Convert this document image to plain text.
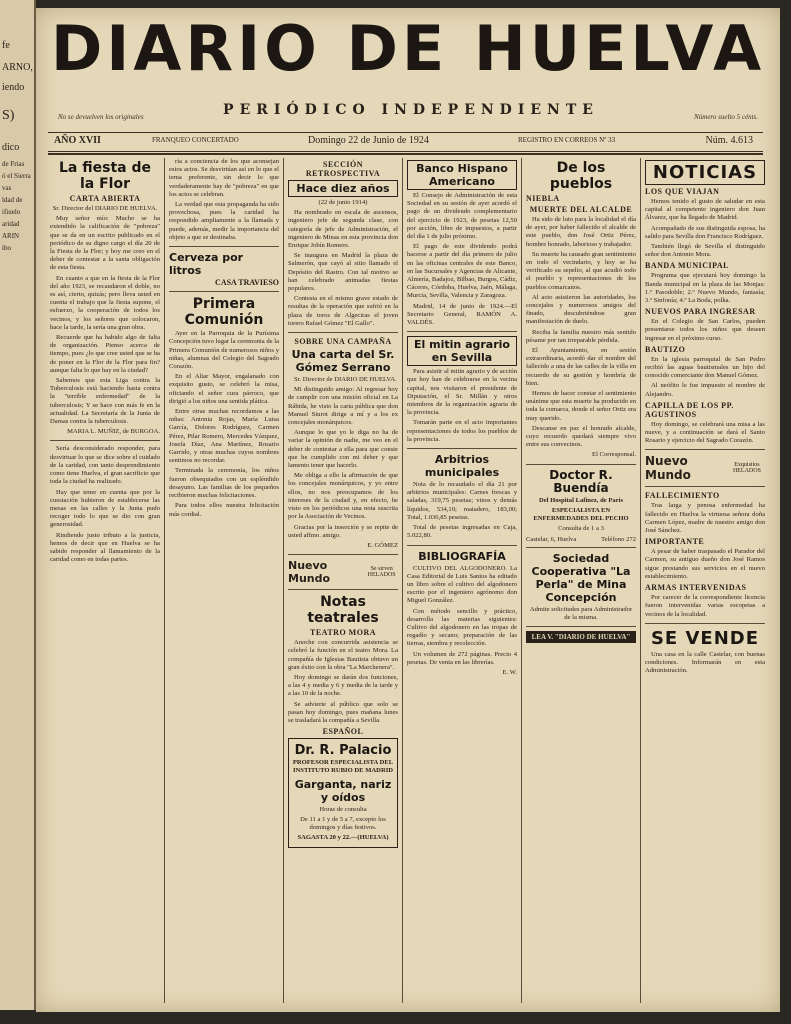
fe
ARNO,
iendo
S)
dico
de Frias
ó el Sierra
vas
ldad de
ifiuelo
aridad
ARIN
ibo
DIARIO DE HUELVA
PERIÓDICO INDEPENDIENTE
No se devuelven los originales	Número suelto 5 cénts.
AÑO XVII	FRANQUEO CONCERTADO	Domingo 22 de Junio de 1924	REGISTRO EN CORREOS Nº 33	Núm. 4.613
La fiesta de la Flor
CARTA ABIERTA

Sr. Director del DIARIO DE HUELVA.

Muy señor mío: Mucho se ha extendido la calificación de "pobreza" que se da en un escrito publicado en el periódico de su digno cargo el día 20 de la Fiesta de la Flor; y hoy me creo en el deber de contestar a la santa obligación de esta fiesta.

En cuanto a que en la fiesta de la Flor del año 1923, se recaudaron el doble, no es así, cierto, quizás; pero lleva usted en cuenta el trabajo que la fiesta supone, el esfuerzo, la cooperación de todos los vecinos, y los señores que colocaron, hace la tarde, la sería una gran obra.

Recuerde que ha habido algo de falta de organización. Pienso acerca de tiempo, pues ¿lo que cree usted que se ha de poner en la Flor de la Flor para fin? aunque falta lo que hay en la ciudad?

Sabemos que esta Liga contra la Tuberculosis está haciendo hasta contra la "terrible enfermedad" de la tuberculosis; Y se hace con más fe en la actualidad. La Secretaría de la Junta de Damas contra la tuberculosis.

MARIA L. MUÑIZ, de BURGOA.

Sería desconsiderado responder, para desvirtuar lo que se dice sobre el cuidado de la caridad, con tanto desprendimiento como tiene Huelva, el gran sacrificio que toda la ciudad ha realizado.

Hay que tener en cuenta que por la cuestación hubieron de establecerse las mesas en las calles y la Junta pudo recoger todo lo que se dio con gran generosidad.

Rindiendo justo tributo a la justicia, hemos de decir que en Huelva se ha sabido responder al llamamiento de la caridad como en todas partes.

ría a conciencia de los que aconsejan estos actos. Se desvirtúan así en lo que el tema preferente, sin decir lo que verdaderamente hay de "pobreza" en que los actos se celebran.

La verdad que esta propaganda ha sido provechosa, pues la caridad ha respondido ampliamente a la llamada y puede, además, medir la importancia del objeto a que se destinaba.

Cerveza por litros

CASA TRAVIESO

Primera Comunión

Ayer en la Parroquia de la Purísima Concepción tuvo lugar la ceremonia de la Primera Comunión de numerosos niños y niñas, alumnas del Colegio del Sagrado Corazón.

En el Altar Mayor, engalanado con exquisito gusto, se celebró la misa, oficiando el señor cura párroco, que dirigió a los niños una sentida plática.

Entre otras muchas recordamos a las niñas: Antonia Rojas, María Luisa García, Dolores Rodríguez, Carmen Pérez, Pilar Romero, Mercedes Vázquez, Josefa Díaz, Ana Martínez, Rosario Garrido, y otras muchas cuyos nombres sentimos no recordar.

Terminada la ceremonia, los niños fueron obsequiados con un espléndido desayuno. Las familias de los pequeños recibieron muchas felicitaciones.

Para todos ellos nuestra felicitación más cordial.

SECCIÓN RETROSPECTIVA
Hace diez años

(22 de junio 1914)

Ha nombrado en escala de ascensos, ingeniero jefe de segunda clase, con categoría de jefe de Administración, el ingeniero de Minas en esta provincia don Enrique Jobín Romero.

Se inaugura en Madrid la plaza de Salmerón, que cayó al sitio llamado el Depósito del Rastro. Con tal motivo se han celebrado animadas fiestas populares.

Contesta en el mismo grave estado de resultas de la operación que sufrió en la plaza de toros de Algeciras el joven torero Rafael Gómez "El Gallo".

SOBRE UNA CAMPAÑA
Una carta del Sr. Gómez Serrano

Sr. Director de DIARIO DE HUELVA.

Mi distinguido amigo: Al regresar hoy de cumplir con una misión oficial en La Rábida, he visto la carta pública que don Manuel Siurot dirige a mí y a los ex concejales monárquicos.

Aunque lo que yo le diga no ha de variar la opinión de nadie, me veo en el deber de contestar a ella para que conste que he cumplido con mi deber y que lamento tener que hacerlo.

Me obliga a ello la afirmación de que los concejales monárquicos, y yo entre ellos, no nos preocupamos de los intereses de la ciudad y, en efecto, he visto en los periódicos una nota suscrita por la Asociación de Vecinos.

Gracias por la inserción y se repite de usted affmo. amigo.

E. GÓMEZ

Nuevo Mundo
Se sirven HELADOS
Notas teatrales
TEATRO MORA

Anoche con concurrida asistencia se celebró la función en el teatro Mora. La compañía de Iglesias Bautista obtuvo un gran éxito con la obra "La Marchenera".

Hoy domingo se darán dos funciones, a las 4 y media y 6 y media de la tarde y a las 10 de la noche.

Se advierte al público que solo se pasan hoy domingo, pues mañana lunes se trasladará la compañía a Sevilla.

ESPAÑOL
Dr. R. Palacio

PROFESOR ESPECIALISTA DEL INSTITUTO RUBIO DE MADRID

Garganta, nariz y oídos

Horas de consulta

De 11 a 1 y de 5 a 7, excepto los domingos y días festivos.

SAGASTA 20 y 22.—(HUELVA)

Banco Hispano Americano

El Consejo de Administración de esta Sociedad en su sesión de ayer acordó el pago de un dividendo complementario del ejercicio de 1923, de pesetas 12,50 por acción, libre de impuestos, a partir del día 1 de julio próximo.

El pago de este dividendo podrá hacerse a partir del día primero de julio en las oficinas centrales de este Banco, en las Sucursales y Agencias de Alicante, Almería, Badajoz, Bilbao, Burgos, Cádiz, Cáceres, Córdoba, Huelva, Jaén, Málaga, Murcia, Sevilla, Valencia y Zaragoza.

Madrid, 14 de junio de 1924.—El Secretario General, RAMÓN A. VALDÉS.

El mitin agrario en Sevilla

Para asistir al mitin agrario y de acción que hoy han de celebrarse en la vecina capital, nos visitaron el presidente de Diputación, el Sr. Millán y otros miembros de la organización agraria de la provincia.

Tomarán parte en el acto importantes representaciones de todos los pueblos de la provincia.

Arbitrios municipales

Nota de lo recaudado el día 21 por arbitrios municipales: Carnes frescas y saladas, 319,75 pesetas; vinos y demás líquidos, 534,10; matadero, 183,00; Total, 1.036,85 pesetas.

Total de pesetas ingresadas en Caja, 5.022,80.

BIBLIOGRAFÍA

CULTIVO DEL ALGODONERO. La Casa Editorial de Luis Santos ha editado un libro sobre el cultivo del algodonero escrito por el ingeniero agrónomo don Miguel González.

Con método sencillo y práctico, desarrolla las materias siguientes: Cultivo del algodonero en las tropas de regadío y secano; preparación de las tierras, siembra y recolección.

Un volumen de 272 páginas. Precio 4 pesetas. De venta en las librerías.

E. W.

De los pueblos
NIEBLA
MUERTE DEL ALCALDE

Ha sido de luto para la localidad el día de ayer, por haber fallecido el alcalde de este pueblo, don José Ortiz Pérez, hombre honrado, laborioso y trabajador.

Su muerte ha causado gran sentimiento en todo el vecindario, y hoy se ha verificado su sepelio, al que acudió todo el pueblo y representaciones de los pueblos comarcanos.

Al acto asistieron las autoridades, los concejales y numerosos amigos del finado, descubriéndose gran manifestación de duelo.

Reciba la familia nuestro más sentido pésame por tan irreparable pérdida.

El Ayuntamiento, en sesión extraordinaria, acordó dar el nombre del fallecido a una de las calles de la villa en recuerdo de su gestión y hombría de bien.

Hemos de hacer constar el sentimiento unánime que esta muerte ha producido en toda la comarca, donde el señor Ortiz era muy querido.

Descanse en paz el honrado alcalde, cuyo recuerdo quedará siempre vivo entre sus convecinos.

El Corresponsal.

Doctor R. Buendía

Del Hospital Lafinez, de París

ESPECIALISTA EN ENFERMEDADES DEL PECHO

Consulta de 1 a 3

Castelar, 6, Huelva	Teléfono 272
Sociedad Cooperativa "La Perla" de Mina Concepción

Admite solicitudes para Administrador de la misma.

LEA V. "DIARIO DE HUELVA"

NOTICIAS
LOS QUE VIAJAN

Hemos tenido el gusto de saludar en esta capital al competente ingeniero don Juan Álvarez, que ha llegado de Madrid.

Acompañado de sus distinguida esposa, ha salido para Sevilla don Francisco Rodríguez.

También llegó de Sevilla el distinguido señor don Antonio Mora.

BANDA MUNICIPAL

Programa que ejecutará hoy domingo la Banda municipal en la plaza de las Monjas: 1.º Pasodoble; 2.º Nuevo Mundo, fantasía; 3.º Sinfonía; 4.º La Boda, polka.

NUEVOS PARA INGRESAR

En el Colegio de San Carlos, pueden presentarse todos los niños que deseen ingresar en el próximo curso.

BAUTIZO

En la iglesia parroquial de San Pedro recibió las aguas bautismales un hijo del conocido comerciante don Manuel Gómez.

Al neófito le fue impuesto el nombre de Alejandro.

CAPILLA DE LOS PP. AGUSTINOS

Hoy domingo, se celebrará una misa a las nueve, y a continuación se dará el Santo Rosario y ejercicio del Sagrado Corazón.

Nuevo Mundo
Exquisitos HELADOS
FALLECIMIENTO

Tras larga y penosa enfermedad ha fallecido en Huelva la virtuosa señora doña Carmen López, madre de nuestro amigo don José Sánchez.

IMPORTANTE

A pesar de haber traspasado el Parador del Carmen, su antiguo dueño don José Ramos sigue prestando sus servicios en el nuevo establecimiento.

ARMAS INTERVENIDAS

Por carecer de la correspondiente licencia fueron intervenidas varias escopetas a vecinos de la localidad.

SE VENDE

Una casa en la calle Castelar, con buenas condiciones. Informarán en esta Administración.
